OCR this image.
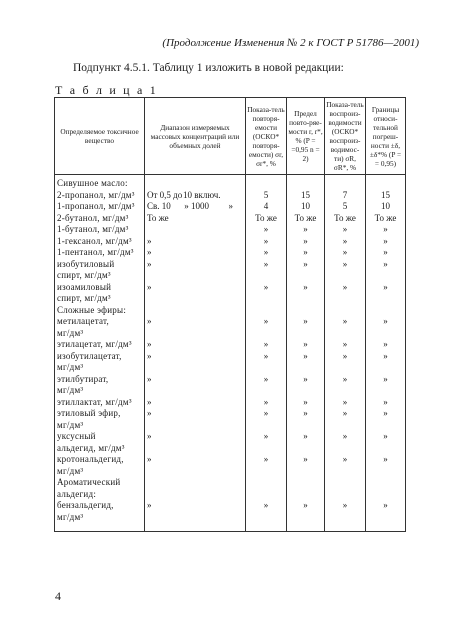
(Продолжение Изменения № 2 к ГОСТ Р 51786—2001)
Подпункт 4.5.1. Таблицу 1 изложить в новой редакции:
Т а б л и ц а 1
Определяемое токсичное вещество	Диапазон измеряемых массовых концентраций или объемных долей	Показа-тель повторя-емости (ОСКО* повторя-емости) σr, σr*, %	Предел повто-ряе-мости r, r*, % (P = =0,95 n = 2)	Показа-тель воспроиз-водимости (ОСКО* воспроиз-водимос-ти) σR, σR*, %	Границы относи-тельной погреш-ности ±δ, ±δ*% (P = = 0,95)

Сивушное масло:					
2-пропанол, мг/дм³	От 0,5 до10 включ.	5	15	7	15
1-пропанол, мг/дм³	Св. 10 » 1000 »	4	10	5	10
2-бутанол, мг/дм³	То же	То же	То же	То же	То же
1-бутанол, мг/дм³		»	»	»	»
1-гексанол, мг/дм³	»	»	»	»	»
1-пентанол, мг/дм³	»	»	»	»	»
изобутиловый	»	»	»	»	»
спирт, мг/дм³					
изоамиловый	»	»	»	»	»
спирт, мг/дм³					
Сложные эфиры:					
метилацетат,	»	»	»	»	»
мг/дм³					
этилацетат, мг/дм³	»	»	»	»	»
изобутилацетат,	»	»	»	»	»
мг/дм³					
этилбутират,	»	»	»	»	»
мг/дм³					
этиллактат, мг/дм³	»	»	»	»	»
этиловый эфир,	»	»	»	»	»
мг/дм³					
уксусный	»	»	»	»	»
альдегид, мг/дм³					
кротональдегид,	»	»	»	»	»
мг/дм³					
Ароматический					
альдегид:					
бензальдегид,	»	»	»	»	»
мг/дм³					

4
